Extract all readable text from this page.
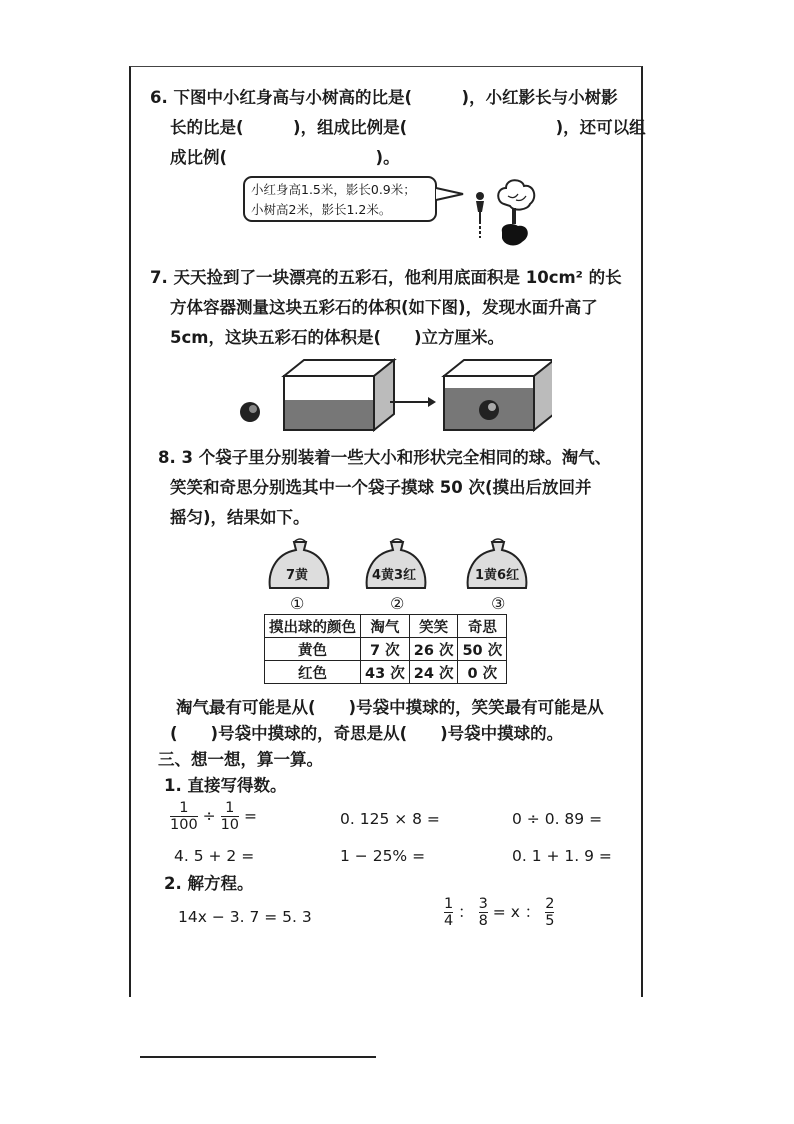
6. 下图中小红身高与小树高的比是(　　　)，小红影长与小树影
长的比是(　　　)，组成比例是(　　　　　　　　　)，还可以组
成比例(　　　　　　　　　)。
小红身高1.5米，影长0.9米；
小树高2米，影长1.2米。
7. 天天捡到了一块漂亮的五彩石，他利用底面积是 10cm² 的长
方体容器测量这块五彩石的体积(如下图)，发现水面升高了
5cm，这块五彩石的体积是(　　)立方厘米。
8. 3 个袋子里分别装着一些大小和形状完全相同的球。淘气、
笑笑和奇思分别选其中一个袋子摸球 50 次(摸出后放回并
摇匀)，结果如下。
7黄	4黄3红	1黄6红
①	②	③
摸出球的颜色	淘气	笑笑	奇思
黄色	7 次	26 次	50 次
红色	43 次	24 次	0 次
淘气最有可能是从(　　)号袋中摸球的，笑笑最有可能是从
(　　)号袋中摸球的，奇思是从(　　)号袋中摸球的。
三、想一想，算一算。
1. 直接写得数。
$\frac{1}{100} \div \frac{1}{10}$ =	0. 125 × 8 =	0 ÷ 0. 89 =
4. 5 + 2 =	1 − 25% =	0. 1 + 1. 9 =
2. 解方程。
14x − 3. 7 = 5. 3	$\frac{1}{4}$ ： $\frac{3}{8} = x$ ： $\frac{2}{5}$
